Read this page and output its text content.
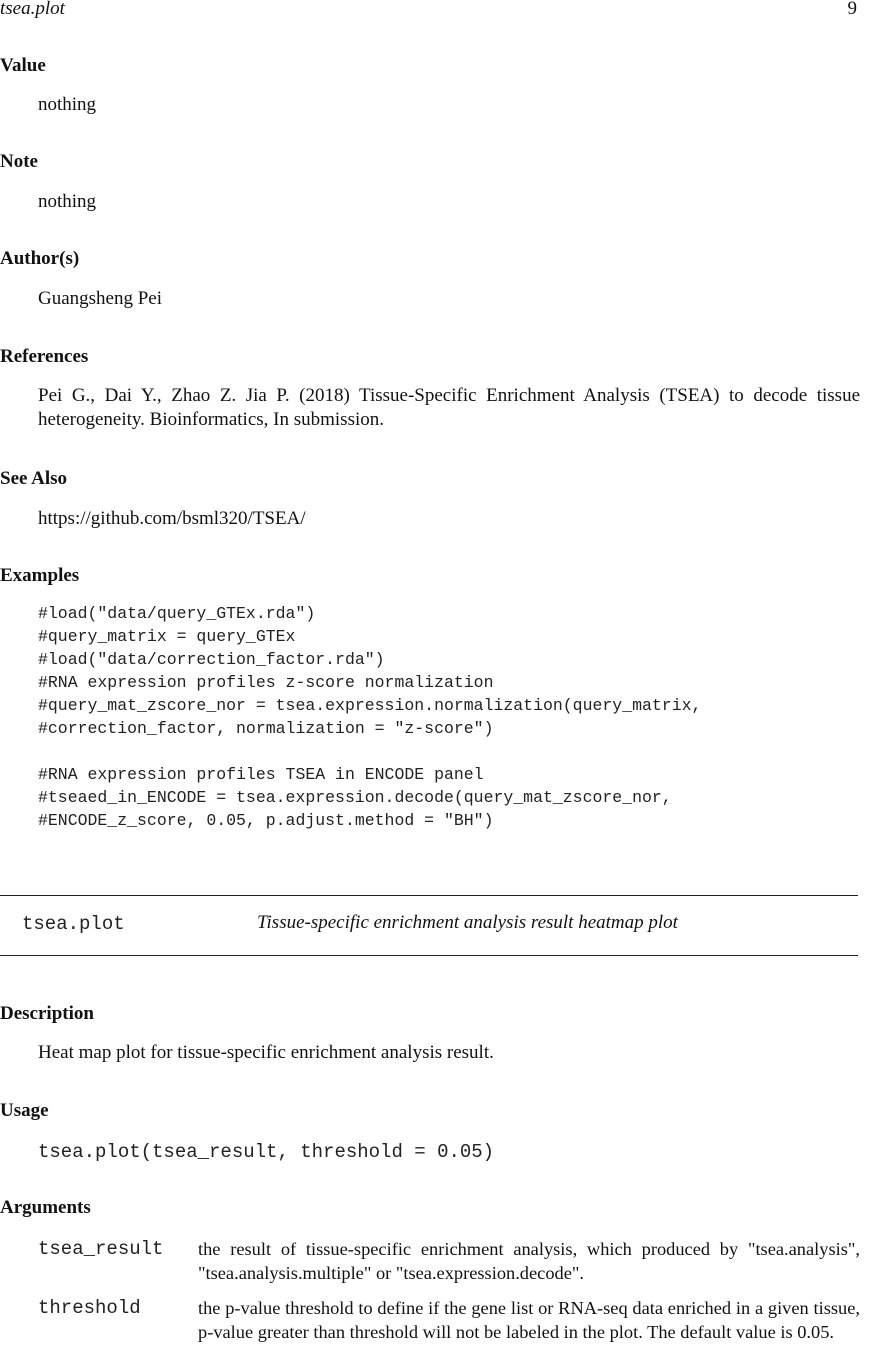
tsea.plot	9
Value
nothing
Note
nothing
Author(s)
Guangsheng Pei
References
Pei G., Dai Y., Zhao Z. Jia P. (2018) Tissue-Specific Enrichment Analysis (TSEA) to decode tissue heterogeneity. Bioinformatics, In submission.
See Also
https://github.com/bsml320/TSEA/
Examples
#load("data/query_GTEx.rda")
#query_matrix = query_GTEx
#load("data/correction_factor.rda")
#RNA expression profiles z-score normalization
#query_mat_zscore_nor = tsea.expression.normalization(query_matrix,
#correction_factor, normalization = "z-score")

#RNA expression profiles TSEA in ENCODE panel
#tseaed_in_ENCODE = tsea.expression.decode(query_mat_zscore_nor,
#ENCODE_z_score, 0.05, p.adjust.method = "BH")
tsea.plot	Tissue-specific enrichment analysis result heatmap plot
Description
Heat map plot for tissue-specific enrichment analysis result.
Usage
tsea.plot(tsea_result, threshold = 0.05)
Arguments
tsea_result the result of tissue-specific enrichment analysis, which produced by "tsea.analysis", "tsea.analysis.multiple" or "tsea.expression.decode".
threshold	the p-value threshold to define if the gene list or RNA-seq data enriched in a given tissue, p-value greater than threshold will not be labeled in the plot. The default value is 0.05.
